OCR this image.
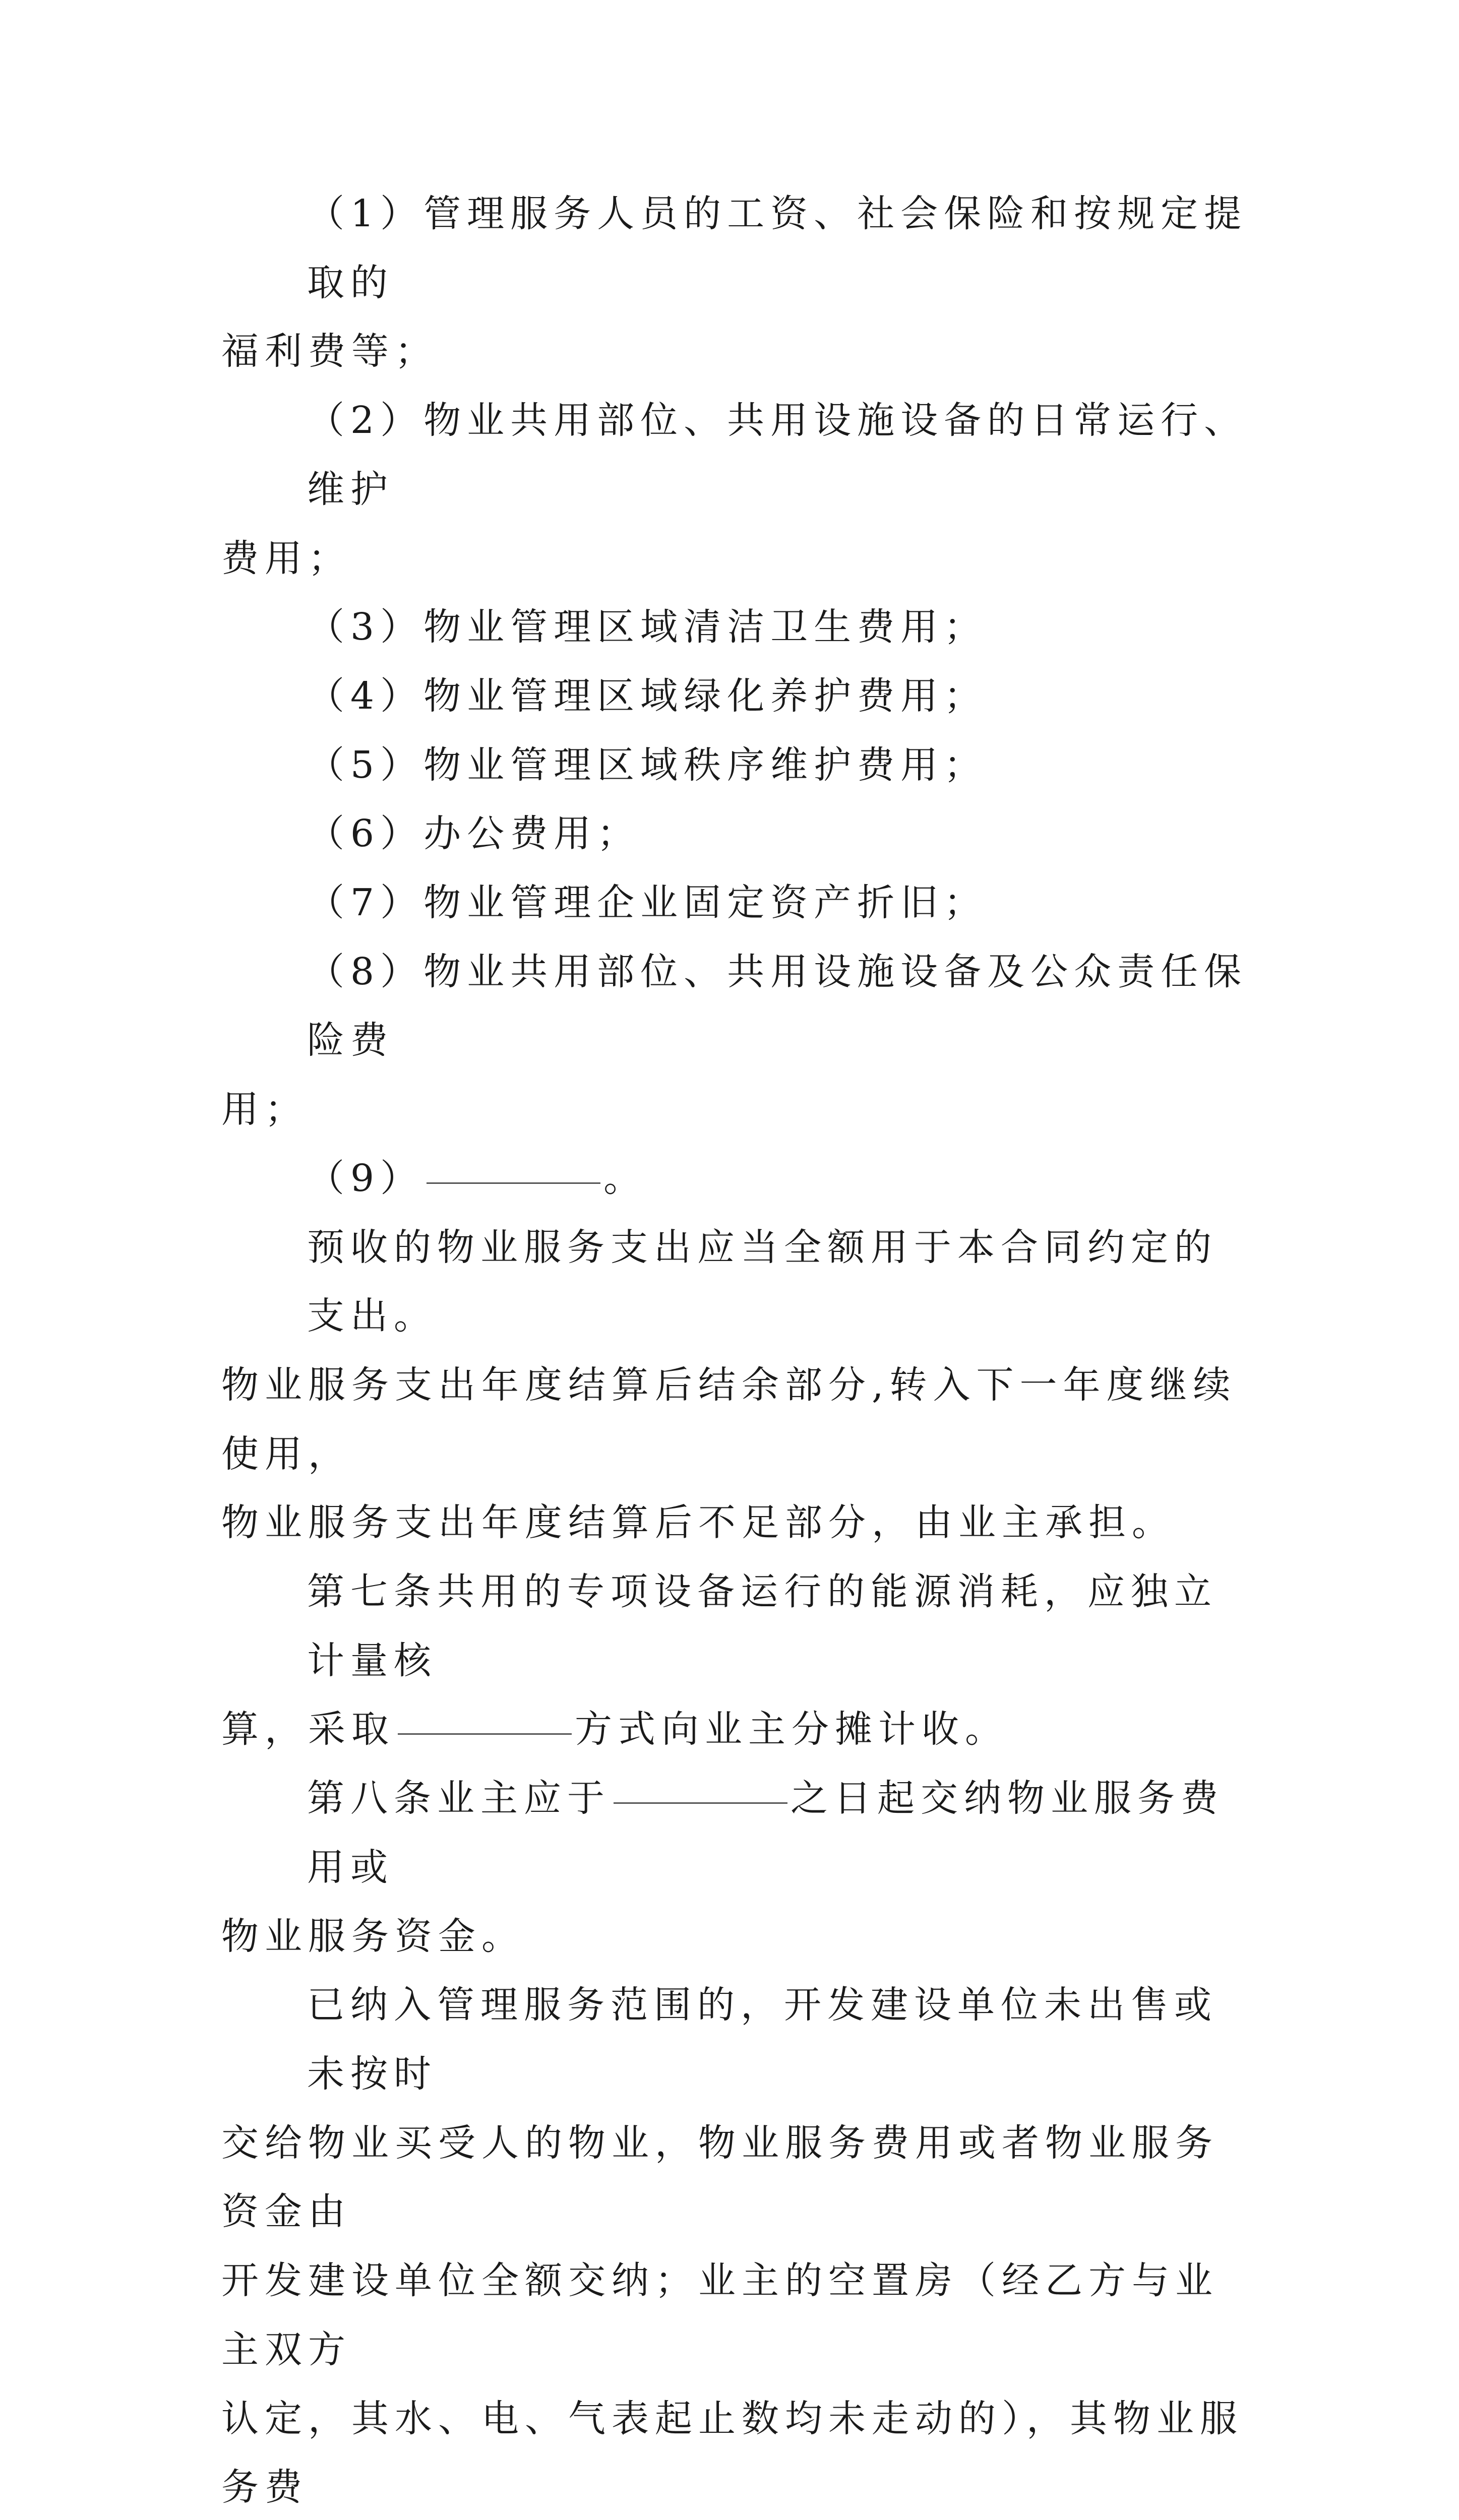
（1）管理服务人员的工资、社会保险和按规定提取的
福利费等；
（2）物业共用部位、共用设施设备的日常运行、维护
费用；
（3）物业管理区域清洁卫生费用；
（4）物业管理区域绿化养护费用；
（5）物业管理区域秩序维护费用；
（6）办公费用；
（7）物业管理企业固定资产折旧；
（8）物业共用部位、共用设施设备及公众责任保险费
用；
（9）	。
预收的物业服务支出应当全额用于本合同约定的支出。
物业服务支出年度结算后结余部分,转入下一年度继续使用，
物业服务支出年度结算后不足部分，由业主承担。
第七条共用的专项设备运行的能源消耗，应独立计量核
算，采取	方式向业主分摊计收。
第八条业主应于	之日起交纳物业服务费用或
物业服务资金。
已纳入管理服务范围的，开发建设单位未出售或未按时
交给物业买受人的物业，物业服务费用或者物业服务资金由
开发建设单位全额交纳；业主的空置房（经乙方与业主双方
认定，其水、电、气表起止数均未走动的），其物业服务费
